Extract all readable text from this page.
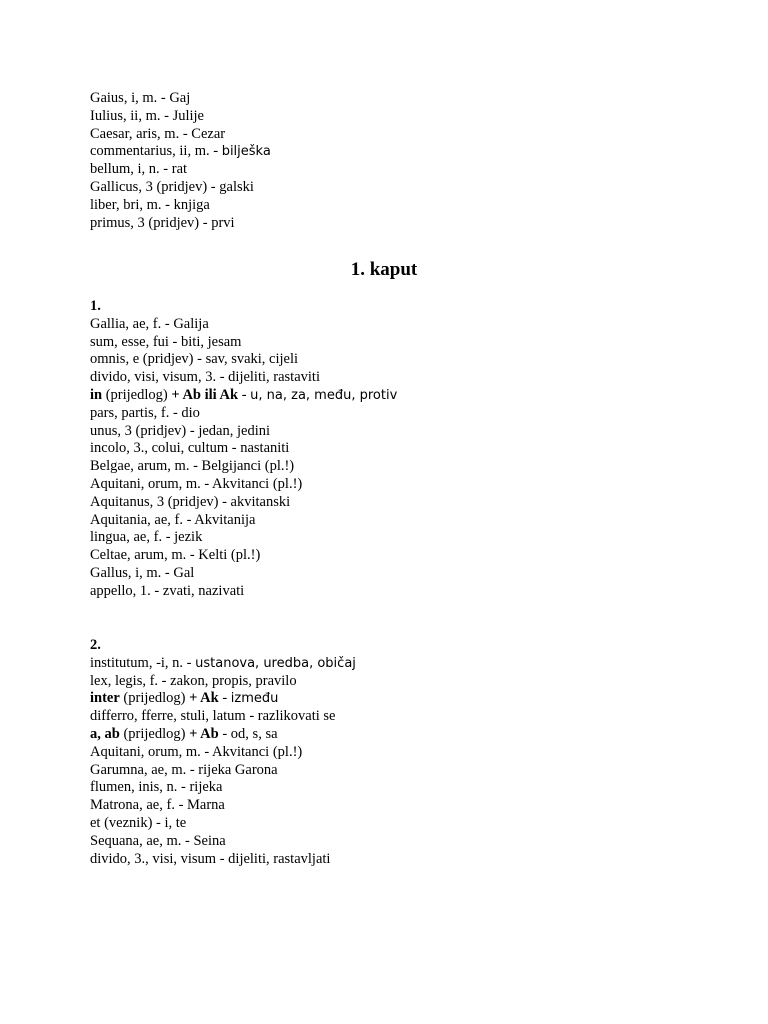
Gaius, i, m. - Gaj
Iulius, ii, m. - Julije
Caesar, aris, m. - Cezar
commentarius, ii, m. - bilješka
bellum, i, n. - rat
Gallicus, 3 (pridjev) - galski
liber, bri, m. - knjiga
primus, 3 (pridjev) - prvi
1. kaput
1.
Gallia, ae, f. - Galija
sum, esse, fui - biti, jesam
omnis, e (pridjev) - sav, svaki, cijeli
divido, visi, visum, 3. - dijeliti, rastaviti
in (prijedlog) + Ab ili Ak - u, na, za, među, protiv
pars, partis, f. - dio
unus, 3 (pridjev) - jedan, jedini
incolo, 3., colui, cultum - nastaniti
Belgae, arum, m. - Belgijanci (pl.!)
Aquitani, orum, m. - Akvitanci (pl.!)
Aquitanus, 3 (pridjev) - akvitanski
Aquitania, ae, f. - Akvitanija
lingua, ae, f. - jezik
Celtae, arum, m. - Kelti (pl.!)
Gallus, i, m. - Gal
appello, 1. - zvati, nazivati
2.
institutum, -i, n. - ustanova, uredba, običaj
lex, legis, f. - zakon, propis, pravilo
inter (prijedlog) + Ak - između
differro, fferre, stuli, latum - razlikovati se
a, ab (prijedlog) + Ab - od, s, sa
Aquitani, orum, m. - Akvitanci (pl.!)
Garumna, ae, m. - rijeka Garona
flumen, inis, n. - rijeka
Matrona, ae, f. - Marna
et (veznik) - i, te
Sequana, ae, m. - Seina
divido, 3., visi, visum - dijeliti, rastavljati
